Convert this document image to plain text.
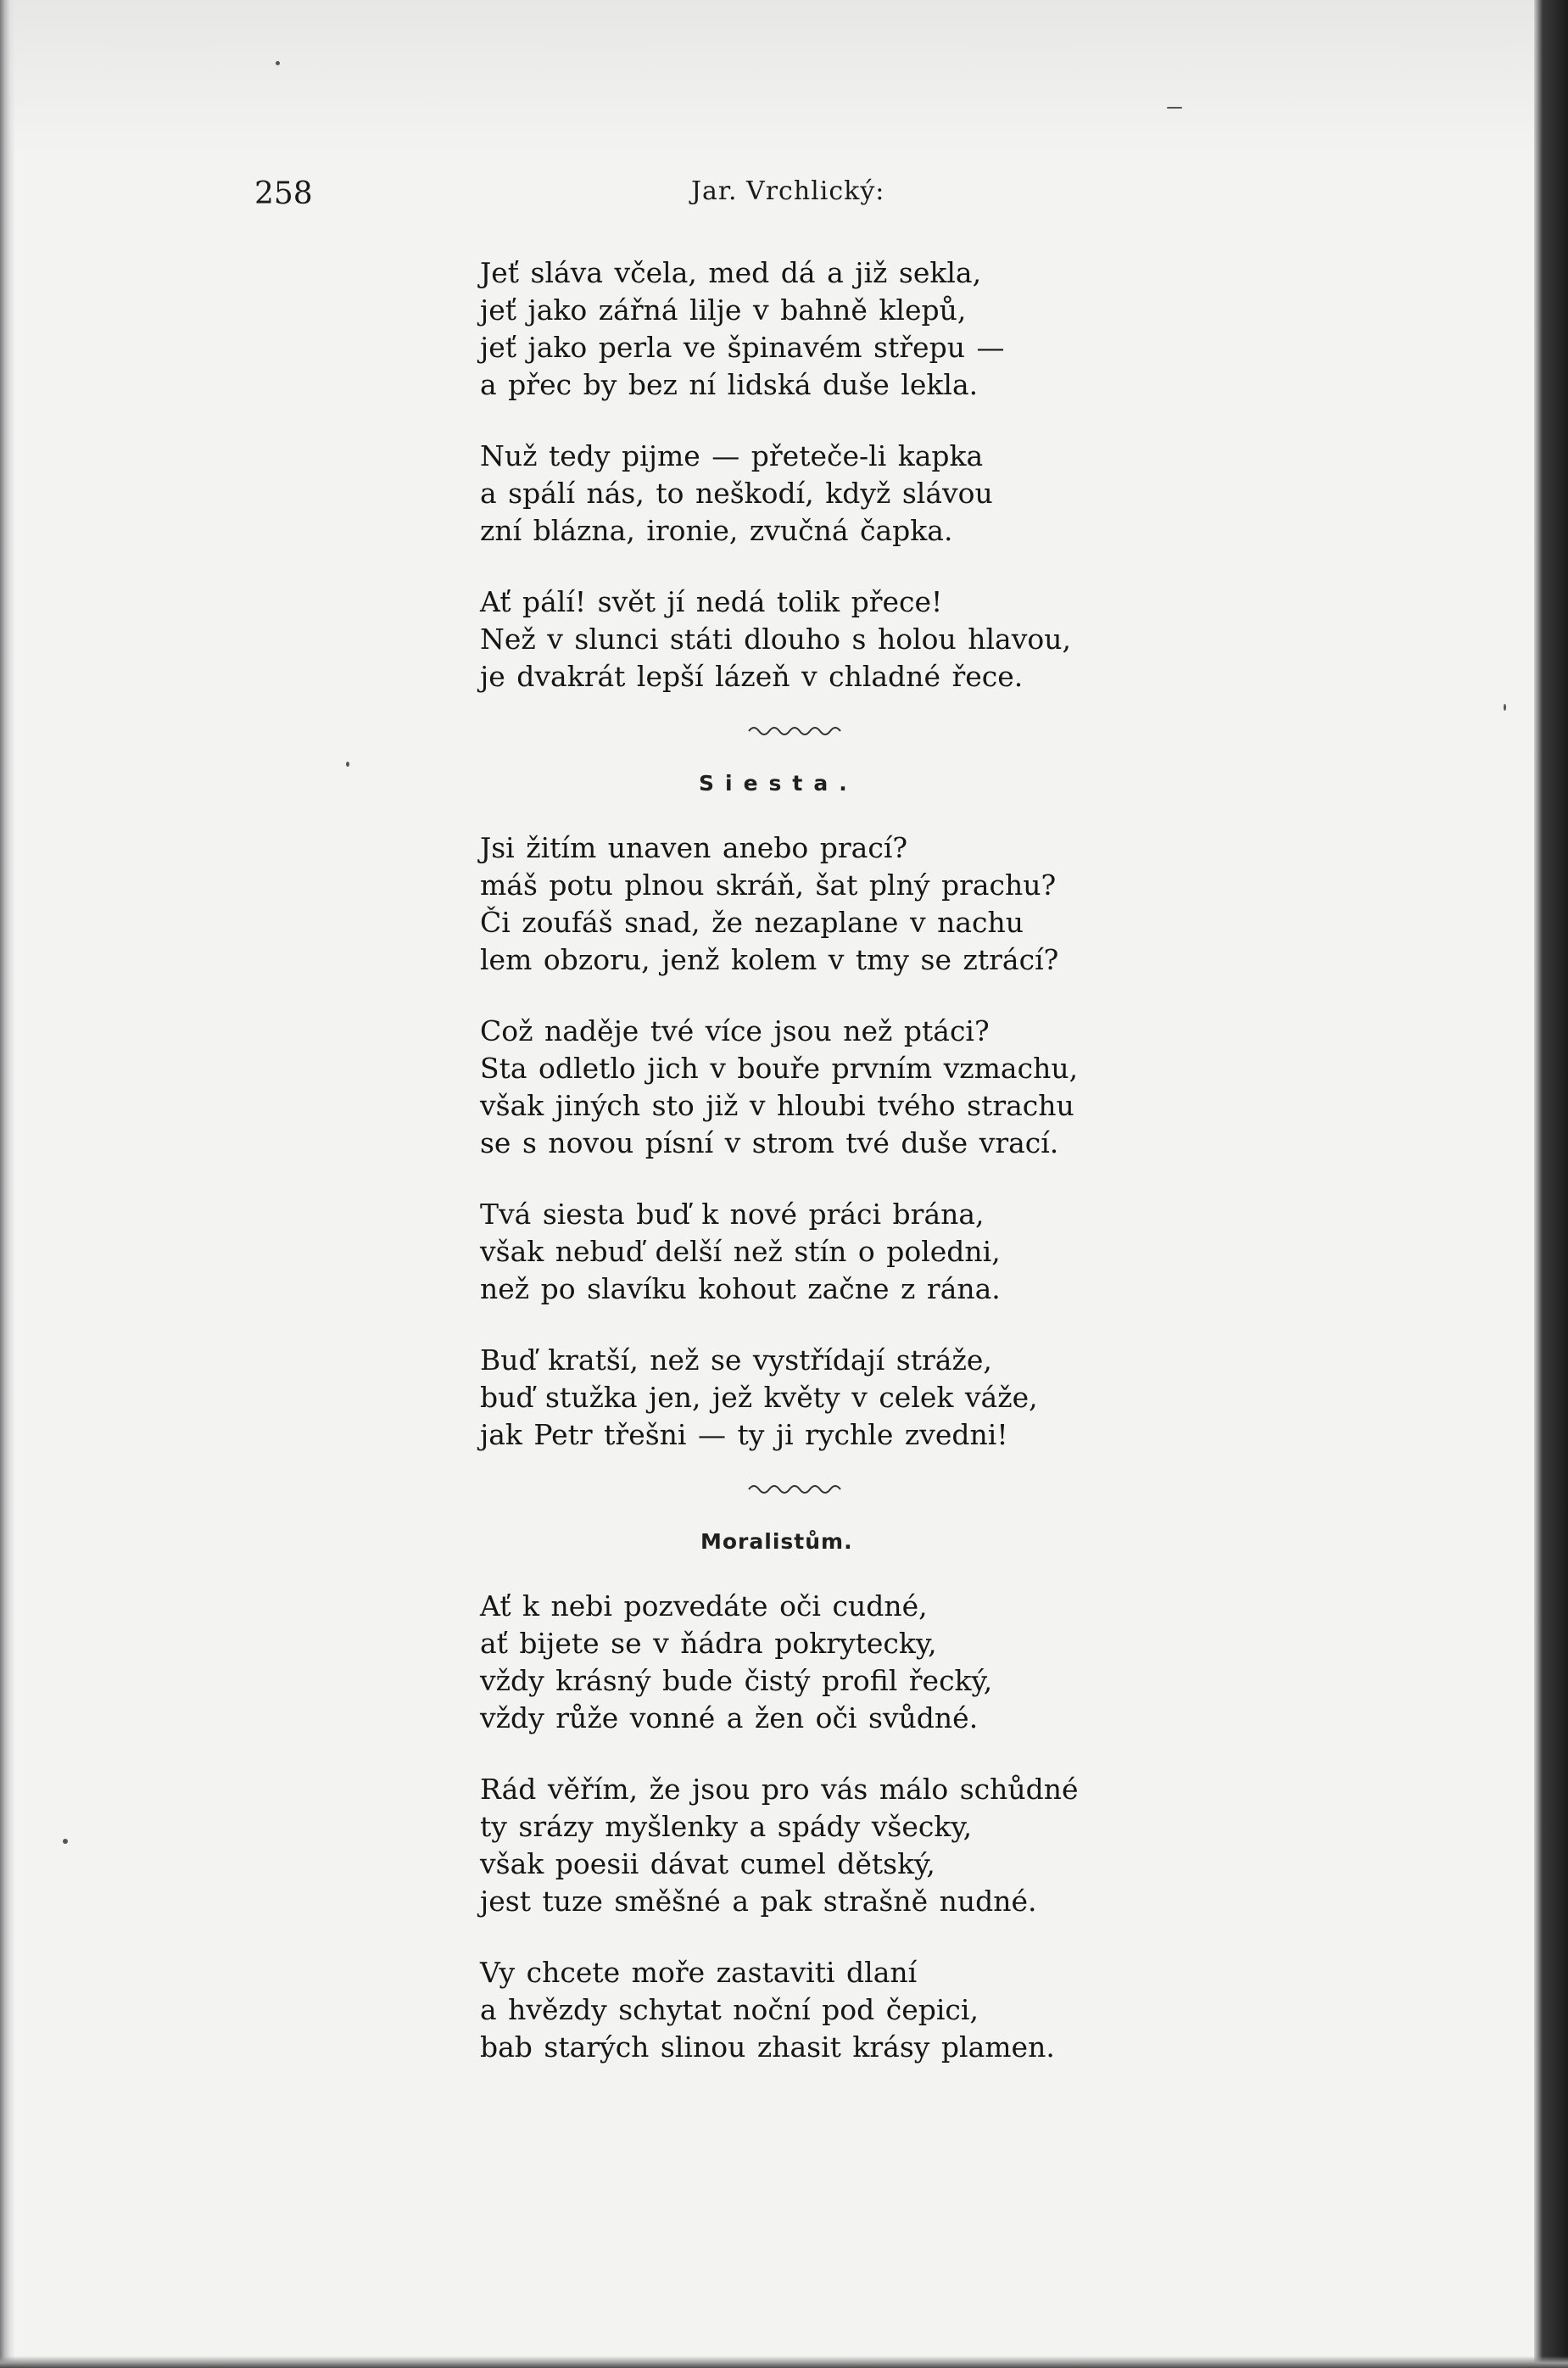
258	Jar. Vrchlický:
Jeť sláva včela, med dá a již sekla,
jeť jako zářná lilje v bahně klepů,
jeť jako perla ve špinavém střepu —
a přec by bez ní lidská duše lekla.
Nuž tedy pijme — přeteče-li kapka
a spálí nás, to neškodí, když slávou
zní blázna, ironie, zvučná čapka.
Ať pálí! svět jí nedá tolik přece!
Než v slunci státi dlouho s holou hlavou,
je dvakrát lepší lázeň v chladné řece.
Siesta.
Jsi žitím unaven anebo prací?
máš potu plnou skráň, šat plný prachu?
Či zoufáš snad, že nezaplane v nachu
lem obzoru, jenž kolem v tmy se ztrácí?
Což naděje tvé více jsou než ptáci?
Sta odletlo jich v bouře prvním vzmachu,
však jiných sto již v hloubi tvého strachu
se s novou písní v strom tvé duše vrací.
Tvá siesta buď k nové práci brána,
však nebuď delší než stín o poledni,
než po slavíku kohout začne z rána.
Buď kratší, než se vystřídají stráže,
buď stužka jen, jež květy v celek váže,
jak Petr třešni — ty ji rychle zvedni!
Moralistům.
Ať k nebi pozvedáte oči cudné,
ať bijete se v ňádra pokrytecky,
vždy krásný bude čistý profil řecký,
vždy růže vonné a žen oči svůdné.
Rád věřím, že jsou pro vás málo schůdné
ty srázy myšlenky a spády všecky,
však poesii dávat cumel dětský,
jest tuze směšné a pak strašně nudné.
Vy chcete moře zastaviti dlaní
a hvězdy schytat noční pod čepici,
bab starých slinou zhasit krásy plamen.
